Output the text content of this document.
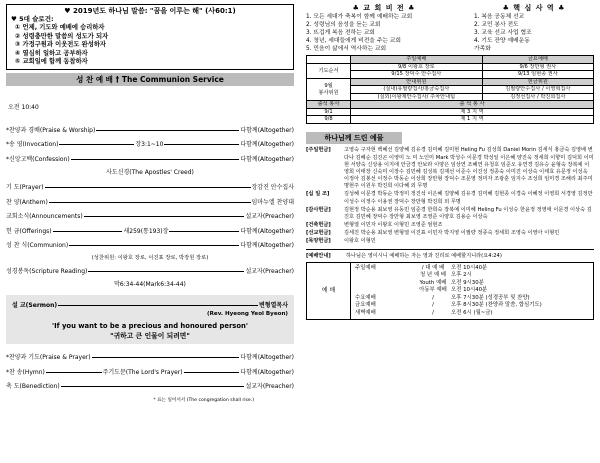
♥ 2019년도 하나님 말씀: "꿈을 이루는 해" (사60:1)
♥ 5대 슬로건:
① 언제, 기도와 예배에 승리하자
② 성령충만한 말씀의 성도가 되자
③ 가정구원과 이웃전도 완성하자
④ 열심히 일하고 공부하자
⑤ 교회일에 함께 동참하자
성 찬 예 배 † The Communion Service
오전 10:40
*찬양과 경배(Praise & Worship)	다함께(Altogether)
*송 영(Invocation)	장3:1~10	다함께(Altogether)
*신앙고백(Confession)	다함께(Altogether)
사도신경(The Apostles' Creed)
기 도(Prayer)	장감진 안수집사
찬 양(Anthem)	임마누엘 찬양대
교회소식(Announcements)	설교자(Preacher)
헌 금(Offerings)	새259(통193)장	다함께(Altogether)
성 찬 식(Communion)	다함께(Altogether)
(성찬위원: 이왕호 장로, 이진표 장로, 박장원 장로)
성경봉독(Scripture Reading)	설교자(Preacher)
막6:34-44(Mark6:34-44)
설 교(Sermon)	변형열목사
(Rev. Hyeong Yeol Byeon)
'If you want to be a precious and honoured person'
"귀하고 큰 인물이 되려면"
*찬양과 기도(Praise & Prayer)	다함께(Altogether)
*찬 송(Hymn)	주기도문(The Lord's Prayer)	다함께(Altogether)
축 도(Benediction)	설교자(Preacher)
* 표는 일어서서 (The congregation shall rise.)
♣ 교 회 비 전 ♣
1. 모든 세대가 축복이 함께 예배하는 교회
2. 성령님의 음성을 듣는 교회
3. 뜨겁게 복음 전하는 교회
4. 청년, 세대들에게 비전을 주는 교회
5. 민음이 삶에서 역사하는 교회
♣ 핵 심 사 역 ♣
1. 복음 공동체 선교
2. 교민 봉사 전도
3. 교육 선교 사업 협조
4. 기도 잔양 예배운동
가족화
	주일예배	금요예배
기도순서	9/8 이왕호 장로	9/6 장만형 권사
	9/15 장덕수 안수집사	9/13 임현종 권사
9월
봉사위원	안내위원	헌금위원
	(실내)유필량집사/홍금숙집사	김필량안수집사 / 이영혁집사
	(실외)이왕제안수집사/ 주차안내팀	김정선집사 / 박진희집사
출석 봉사	출 석 봉 사	
9/1	제 3 지 역	
9/8	제 1 지 역	
하나님께 드린 예물
[주일헌금]	고영숙 구자현 백혜선 김양혜 김유경 김미혜 김미현 Heling Fu 김성희 Daniel Morin 김세식 홍금숙 김영배 변다나 김혜순 김진곤 이영미 노 미 노인미 Mark 박성수 이문경 박성일 이은혜 양진욱 정세희 이향미 김덕희 이미현 서양숙 신상용 이지애 안금경 안보라 이양은 임상연 조혜연 유청호 임준오 유연경 김유승 윤형숙 장복예 이영희 이태장 신숙미 이장수 김민혜 김성복 김재선 이준수 이진성 정종숙 이미진 이상숙 이태효 유문정 이성욱 이정아 김봉선 이정수 박동순 이상희 장만형 장덕수 조문영 정미자 조광훈 임지수 조성희 임미경 조해리 최주미 명현주 이원우 박진희 이다혜 외 무명
[십 일 조]	김성혜 이문경 박동순 박정미 정진석 이은혜 김양혜 김유경 김미혜 김현종 이경숙 이혜정 이영희 서경영 김정만 이성수 이정수 이용권 장덕수 장만형 박진희 외 무명
[감사헌금]	김현정 박순용 최보영 유동민 임준경 한희숙 장복예 이미혜 Heling Fu 이성승 한윤정 정영애 이문경 이상숙 김진호 김민혜 장덕수 장만형 최보영 조영준 이양호 김용순 이상숙
[건축헌금]	변형열 이민자 이왕호 이형민 조영준 엄현조
[선교헌금]	김세진 박순용 최보영 변형열 이진표 이민자 박지영 이필량 정종숙 정세희 조영숙 이영아 이형민
[목양헌금]	이왕호 이형민
[예배안내]	하나님은 영이시니 예배하는 자는 영과 진리로 예배할지니라(요4:24)
예 배
주일예배	/ 대 예 배	오전 10시40분
청 년 예 배 오후 2시
Youth 예배 오전 9시30분
아동부 예배 오전 10시40분
수요예배	/	오후 7시30분 (성경공부 및 찬양)
금요예배	/	오후 8시30분 (찬양과 말씀, 합심기도)
새벽예배	/	오전 6시 (월~금)
